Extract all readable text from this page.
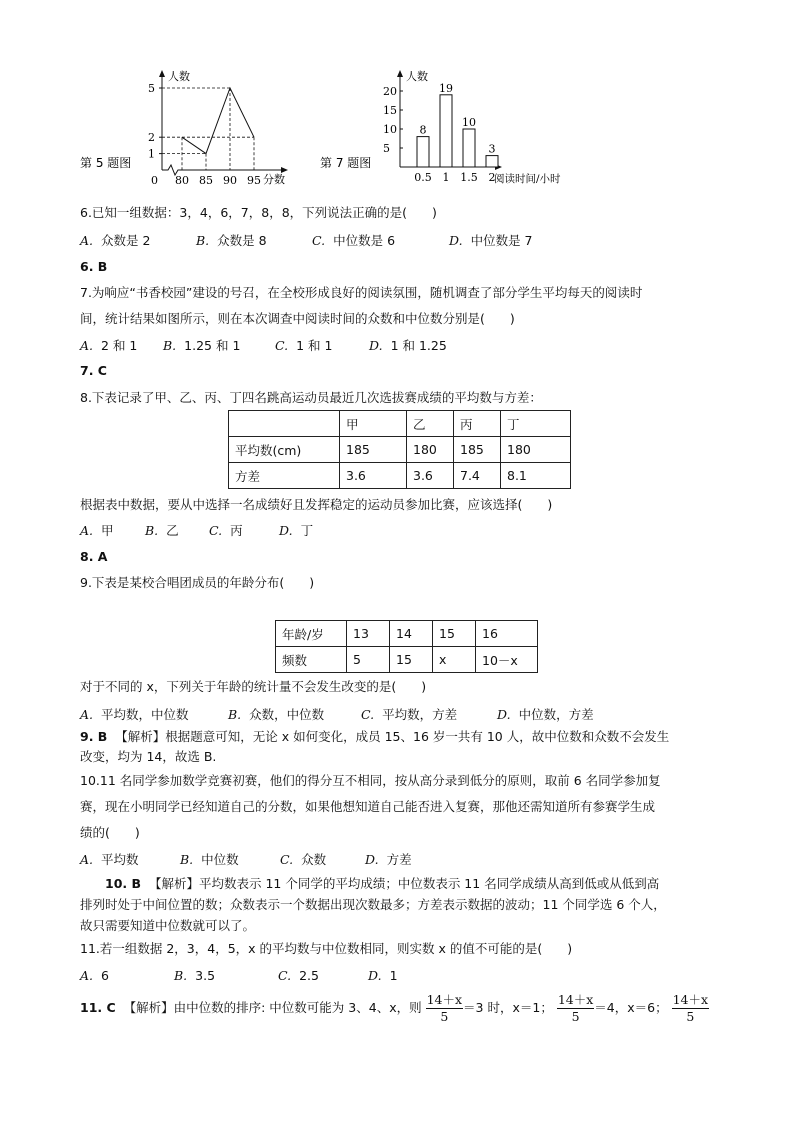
1
2
5
80 85 90 95
人数
分数
0
第 5 题图
5
10
15
20
8
0.5
19
1
10
1.5
3
2
人数
阅读时间/小时
第 7 题图
6.已知一组数据：3，4，6，7，8，8，下列说法正确的是(　　)
A. 众数是 2	B. 众数是 8	C. 中位数是 6	D. 中位数是 7
6. B
7.为响应“书香校园”建设的号召，在全校形成良好的阅读氛围，随机调查了部分学生平均每天的阅读时
间，统计结果如图所示，则在本次调查中阅读时间的众数和中位数分别是(　　)
A. 2 和 1 B. 1.25 和 1	C. 1 和 1	D. 1 和 1.25
7. C
8.下表记录了甲、乙、丙、丁四名跳高运动员最近几次选拔赛成绩的平均数与方差：
	甲	乙	丙	丁
平均数(cm)	185	180	185	180
方差	3.6	3.6	7.4	8.1
根据表中数据，要从中选择一名成绩好且发挥稳定的运动员参加比赛，应该选择(　　)
A. 甲	B. 乙 C. 丙	D. 丁
8. A
9.下表是某校合唱团成员的年龄分布(　　)
年龄/岁	13	14	15	16
频数	5	15	x	10－x
对于不同的 x，下列关于年龄的统计量不会发生改变的是(　　)
A. 平均数，中位数	B. 众数，中位数	C. 平均数，方差	D. 中位数，方差
9. B 【解析】根据题意可知，无论 x 如何变化，成员 15、16 岁一共有 10 人，故中位数和众数不会发生
改变，均为 14，故选 B.
10.11 名同学参加数学竞赛初赛，他们的得分互不相同，按从高分录到低分的原则，取前 6 名同学参加复
赛，现在小明同学已经知道自己的分数，如果他想知道自己能否进入复赛，那他还需知道所有参赛学生成
绩的(　　)
A. 平均数	B. 中位数	C. 众数	D. 方差
10. B 【解析】平均数表示 11 个同学的平均成绩；中位数表示 11 名同学成绩从高到低或从低到高
排列时处于中间位置的数；众数表示一个数据出现次数最多；方差表示数据的波动；11 个同学选 6 个人，
故只需要知道中位数就可以了。
11.若一组数据 2，3，4，5，x 的平均数与中位数相同，则实数 x 的值不可能的是(　　)
A. 6	B. 3.5	C. 2.5	D. 1
11. C 【解析】由中位数的排序: 中位数可能为 3、4、x，则 $\frac{14+x}{5} =3$ 时，x＝1； $\frac{14+x}{5} =4$，x＝6； $\frac{14+x}{5}$
